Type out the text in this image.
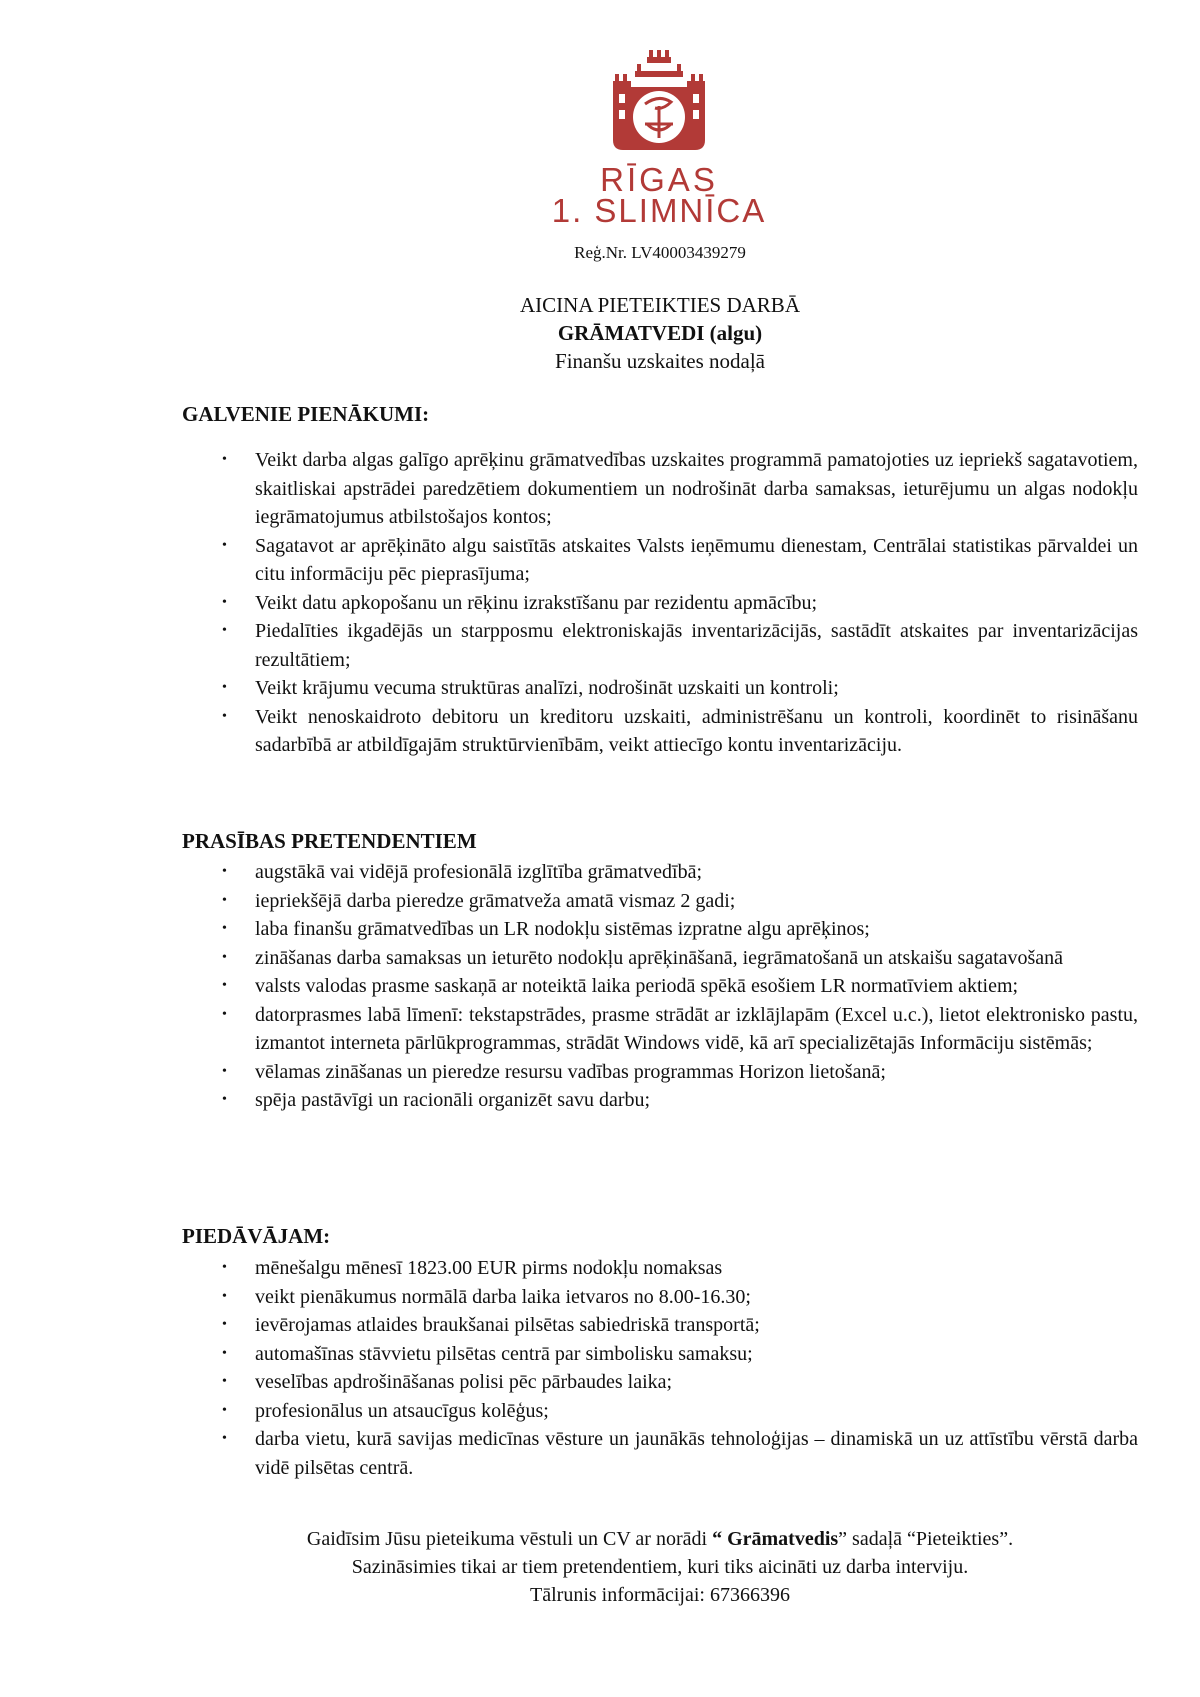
RĪGAS
1. SLIMNĪCA
Reģ.Nr. LV40003439279
AICINA PIETEIKTIES DARBĀ
GRĀMATVEDI (algu)
Finanšu uzskaites nodaļā
GALVENIE PIENĀKUMI:
• Veikt darba algas galīgo aprēķinu grāmatvedības uzskaites programmā pamatojoties uz iepriekš sagatavotiem, skaitliskai apstrādei paredzētiem dokumentiem un nodrošināt darba samaksas, ieturējumu un algas nodokļu iegrāmatojumus atbilstošajos kontos;
• Sagatavot ar aprēķināto algu saistītās atskaites Valsts ieņēmumu dienestam, Centrālai statistikas pārvaldei un citu informāciju pēc pieprasījuma;
• Veikt datu apkopošanu un rēķinu izrakstīšanu par rezidentu apmācību;
• Piedalīties ikgadējās un starpposmu elektroniskajās inventarizācijās, sastādīt atskaites par inventarizācijas rezultātiem;
• Veikt krājumu vecuma struktūras analīzi, nodrošināt uzskaiti un kontroli;
• Veikt nenoskaidroto debitoru un kreditoru uzskaiti, administrēšanu un kontroli, koordinēt to risināšanu sadarbībā ar atbildīgajām struktūrvienībām, veikt attiecīgo kontu inventarizāciju.
PRASĪBAS PRETENDENTIEM
• augstākā vai vidējā profesionālā izglītība grāmatvedībā;
• iepriekšējā darba pieredze grāmatveža amatā vismaz 2 gadi;
• laba finanšu grāmatvedības un LR nodokļu sistēmas izpratne algu aprēķinos;
• zināšanas darba samaksas un ieturēto nodokļu aprēķināšanā, iegrāmatošanā un atskaišu sagatavošanā
• valsts valodas prasme saskaņā ar noteiktā laika periodā spēkā esošiem LR normatīviem aktiem;
• datorprasmes labā līmenī: tekstapstrādes, prasme strādāt ar izklājlapām (Excel u.c.), lietot elektronisko pastu, izmantot interneta pārlūkprogrammas, strādāt Windows vidē, kā arī specializētajās Informāciju sistēmās;
• vēlamas zināšanas un pieredze resursu vadības programmas Horizon lietošanā;
• spēja pastāvīgi un racionāli organizēt savu darbu;
PIEDĀVĀJAM:
• mēnešalgu mēnesī 1823.00 EUR pirms nodokļu nomaksas
• veikt pienākumus normālā darba laika ietvaros no 8.00-16.30;
• ievērojamas atlaides braukšanai pilsētas sabiedriskā transportā;
• automašīnas stāvvietu pilsētas centrā par simbolisku samaksu;
• veselības apdrošināšanas polisi pēc pārbaudes laika;
• profesionālus un atsaucīgus kolēģus;
• darba vietu, kurā savijas medicīnas vēsture un jaunākās tehnoloģijas – dinamiskā un uz attīstību vērstā darba vidē pilsētas centrā.
Gaidīsim Jūsu pieteikuma vēstuli un CV ar norādi “ Grāmatvedis” sadaļā “Pieteikties”.
Sazināsimies tikai ar tiem pretendentiem, kuri tiks aicināti uz darba interviju.
Tālrunis informācijai: 67366396
